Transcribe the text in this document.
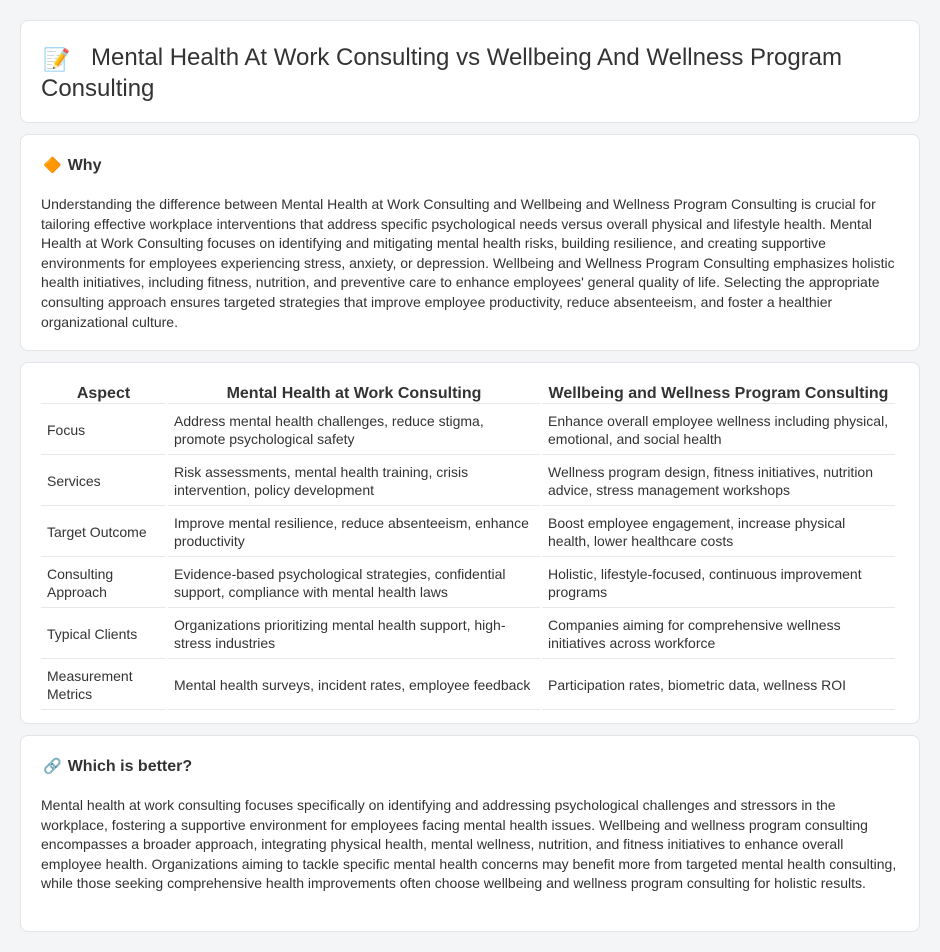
📝 Mental Health At Work Consulting vs Wellbeing And Wellness Program Consulting
🔶 Why

Understanding the difference between Mental Health at Work Consulting and Wellbeing and Wellness Program Consulting is crucial for tailoring effective workplace interventions that address specific psychological needs versus overall physical and lifestyle health. Mental Health at Work Consulting focuses on identifying and mitigating mental health risks, building resilience, and creating supportive environments for employees experiencing stress, anxiety, or depression. Wellbeing and Wellness Program Consulting emphasizes holistic health initiatives, including fitness, nutrition, and preventive care to enhance employees' general quality of life. Selecting the appropriate consulting approach ensures targeted strategies that improve employee productivity, reduce absenteeism, and foster a healthier organizational culture.

Aspect	Mental Health at Work Consulting	Wellbeing and Wellness Program Consulting
Focus	Address mental health challenges, reduce stigma, promote psychological safety	Enhance overall employee wellness including physical, emotional, and social health
Services	Risk assessments, mental health training, crisis intervention, policy development	Wellness program design, fitness initiatives, nutrition advice, stress management workshops
Target Outcome	Improve mental resilience, reduce absenteeism, enhance productivity	Boost employee engagement, increase physical health, lower healthcare costs
Consulting Approach	Evidence-based psychological strategies, confidential support, compliance with mental health laws	Holistic, lifestyle-focused, continuous improvement programs
Typical Clients	Organizations prioritizing mental health support, high-stress industries	Companies aiming for comprehensive wellness initiatives across workforce
Measurement Metrics	Mental health surveys, incident rates, employee feedback	Participation rates, biometric data, wellness ROI
🔗 Which is better?

Mental health at work consulting focuses specifically on identifying and addressing psychological challenges and stressors in the workplace, fostering a supportive environment for employees facing mental health issues. Wellbeing and wellness program consulting encompasses a broader approach, integrating physical health, mental wellness, nutrition, and fitness initiatives to enhance overall employee health. Organizations aiming to tackle specific mental health concerns may benefit more from targeted mental health consulting, while those seeking comprehensive health improvements often choose wellbeing and wellness program consulting for holistic results.
